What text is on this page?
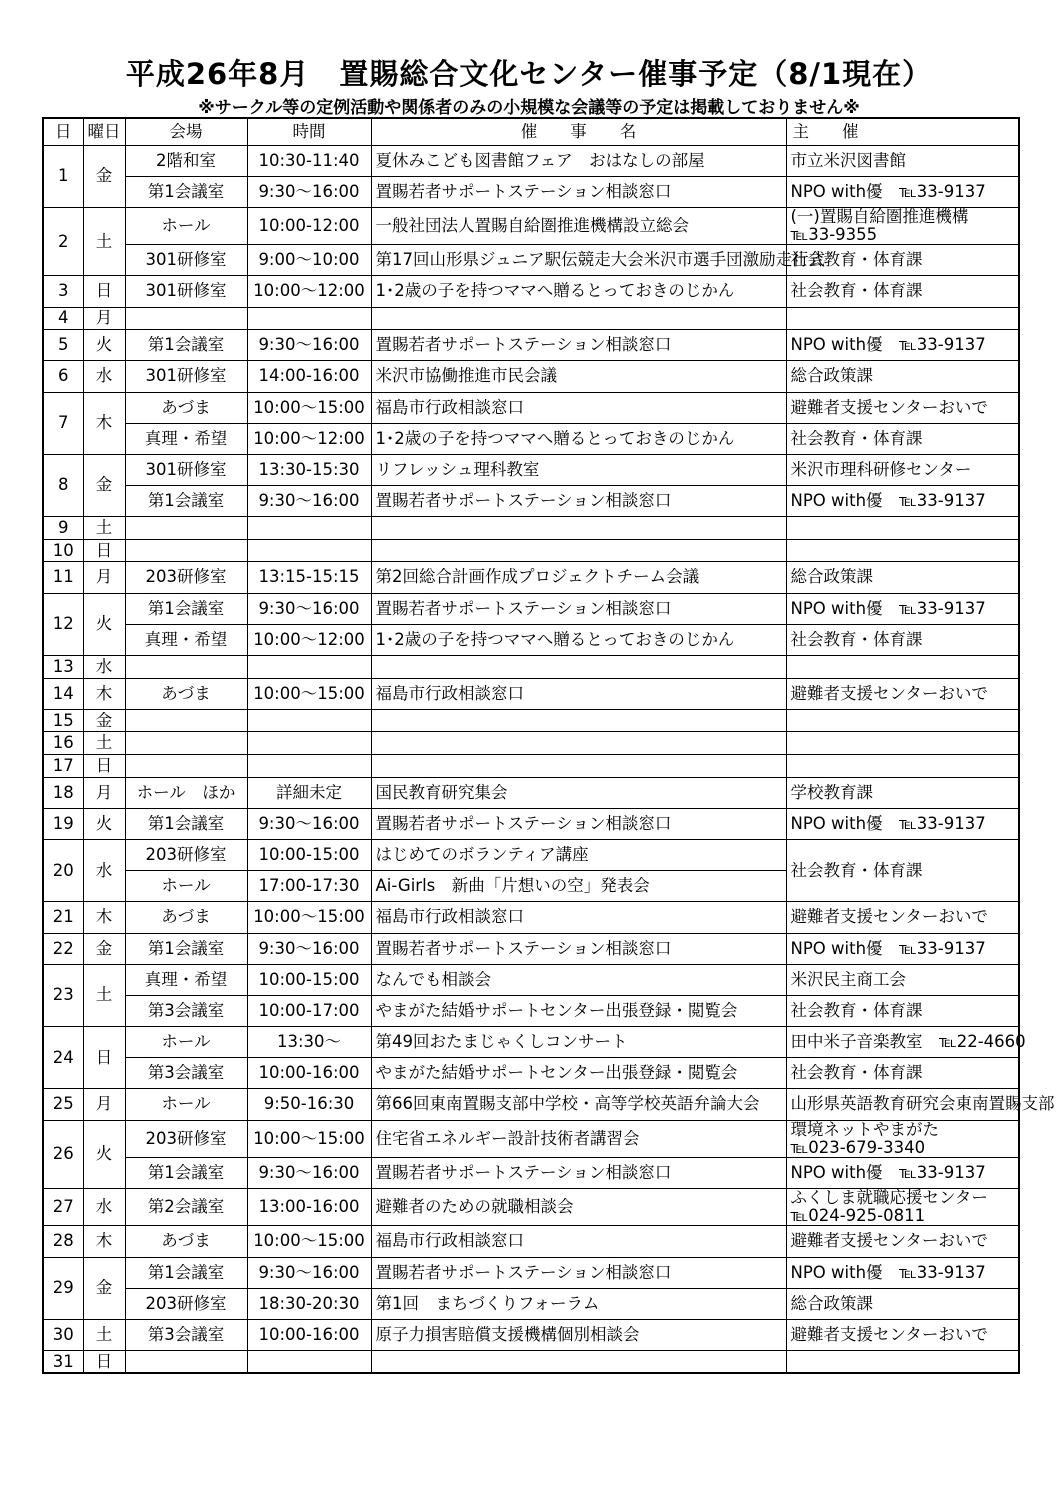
平成26年8月　置賜総合文化センター催事予定（8/1現在）
※サークル等の定例活動や関係者のみの小規模な会議等の予定は掲載しておりません※
日	曜日	会場	時間	催　　事　　名	主　　催
1	金	2階和室	10:30-11:40	夏休みこども図書館フェア　おはなしの部屋	市立米沢図書館
		第1会議室	9:30～16:00	置賜若者サポートステーション相談窓口	NPO with優　℡33-9137
2	土	ホール	10:00-12:00	一般社団法人置賜自給圏推進機構設立総会	(一)置賜自給圏推進機構
℡33-9355
		301研修室	9:00～10:00	第17回山形県ジュニア駅伝競走大会米沢市選手団激励走行式	社会教育・体育課
3	日	301研修室	10:00～12:00	1･2歳の子を持つママへ贈るとっておきのじかん	社会教育・体育課
4	月				
5	火	第1会議室	9:30～16:00	置賜若者サポートステーション相談窓口	NPO with優　℡33-9137
6	水	301研修室	14:00-16:00	米沢市協働推進市民会議	総合政策課
7	木	あづま	10:00～15:00	福島市行政相談窓口	避難者支援センターおいで
		真理・希望	10:00～12:00	1･2歳の子を持つママへ贈るとっておきのじかん	社会教育・体育課
8	金	301研修室	13:30-15:30	リフレッシュ理科教室	米沢市理科研修センター
		第1会議室	9:30～16:00	置賜若者サポートステーション相談窓口	NPO with優　℡33-9137
9	土				
10	日				
11	月	203研修室	13:15-15:15	第2回総合計画作成プロジェクトチーム会議	総合政策課
12	火	第1会議室	9:30～16:00	置賜若者サポートステーション相談窓口	NPO with優　℡33-9137
		真理・希望	10:00～12:00	1･2歳の子を持つママへ贈るとっておきのじかん	社会教育・体育課
13	水				
14	木	あづま	10:00～15:00	福島市行政相談窓口	避難者支援センターおいで
15	金				
16	土				
17	日				
18	月	ホール　ほか	詳細未定	国民教育研究集会	学校教育課
19	火	第1会議室	9:30～16:00	置賜若者サポートステーション相談窓口	NPO with優　℡33-9137
20	水	203研修室	10:00-15:00	はじめてのボランティア講座	社会教育・体育課
		ホール	17:00-17:30	Ai-Girls　新曲「片想いの空」発表会	
21	木	あづま	10:00～15:00	福島市行政相談窓口	避難者支援センターおいで
22	金	第1会議室	9:30～16:00	置賜若者サポートステーション相談窓口	NPO with優　℡33-9137
23	土	真理・希望	10:00-15:00	なんでも相談会	米沢民主商工会
		第3会議室	10:00-17:00	やまがた結婚サポートセンター出張登録・閲覧会	社会教育・体育課
24	日	ホール	13:30～	第49回おたまじゃくしコンサート	田中米子音楽教室　℡22-4660
		第3会議室	10:00-16:00	やまがた結婚サポートセンター出張登録・閲覧会	社会教育・体育課
25	月	ホール	9:50-16:30	第66回東南置賜支部中学校・高等学校英語弁論大会	山形県英語教育研究会東南置賜支部
26	火	203研修室	10:00～15:00	住宅省エネルギー設計技術者講習会	環境ネットやまがた
℡023-679-3340
		第1会議室	9:30～16:00	置賜若者サポートステーション相談窓口	NPO with優　℡33-9137
27	水	第2会議室	13:00-16:00	避難者のための就職相談会	ふくしま就職応援センター
℡024-925-0811
28	木	あづま	10:00～15:00	福島市行政相談窓口	避難者支援センターおいで
29	金	第1会議室	9:30～16:00	置賜若者サポートステーション相談窓口	NPO with優　℡33-9137
		203研修室	18:30-20:30	第1回　まちづくりフォーラム	総合政策課
30	土	第3会議室	10:00-16:00	原子力損害賠償支援機構個別相談会	避難者支援センターおいで
31	日				
